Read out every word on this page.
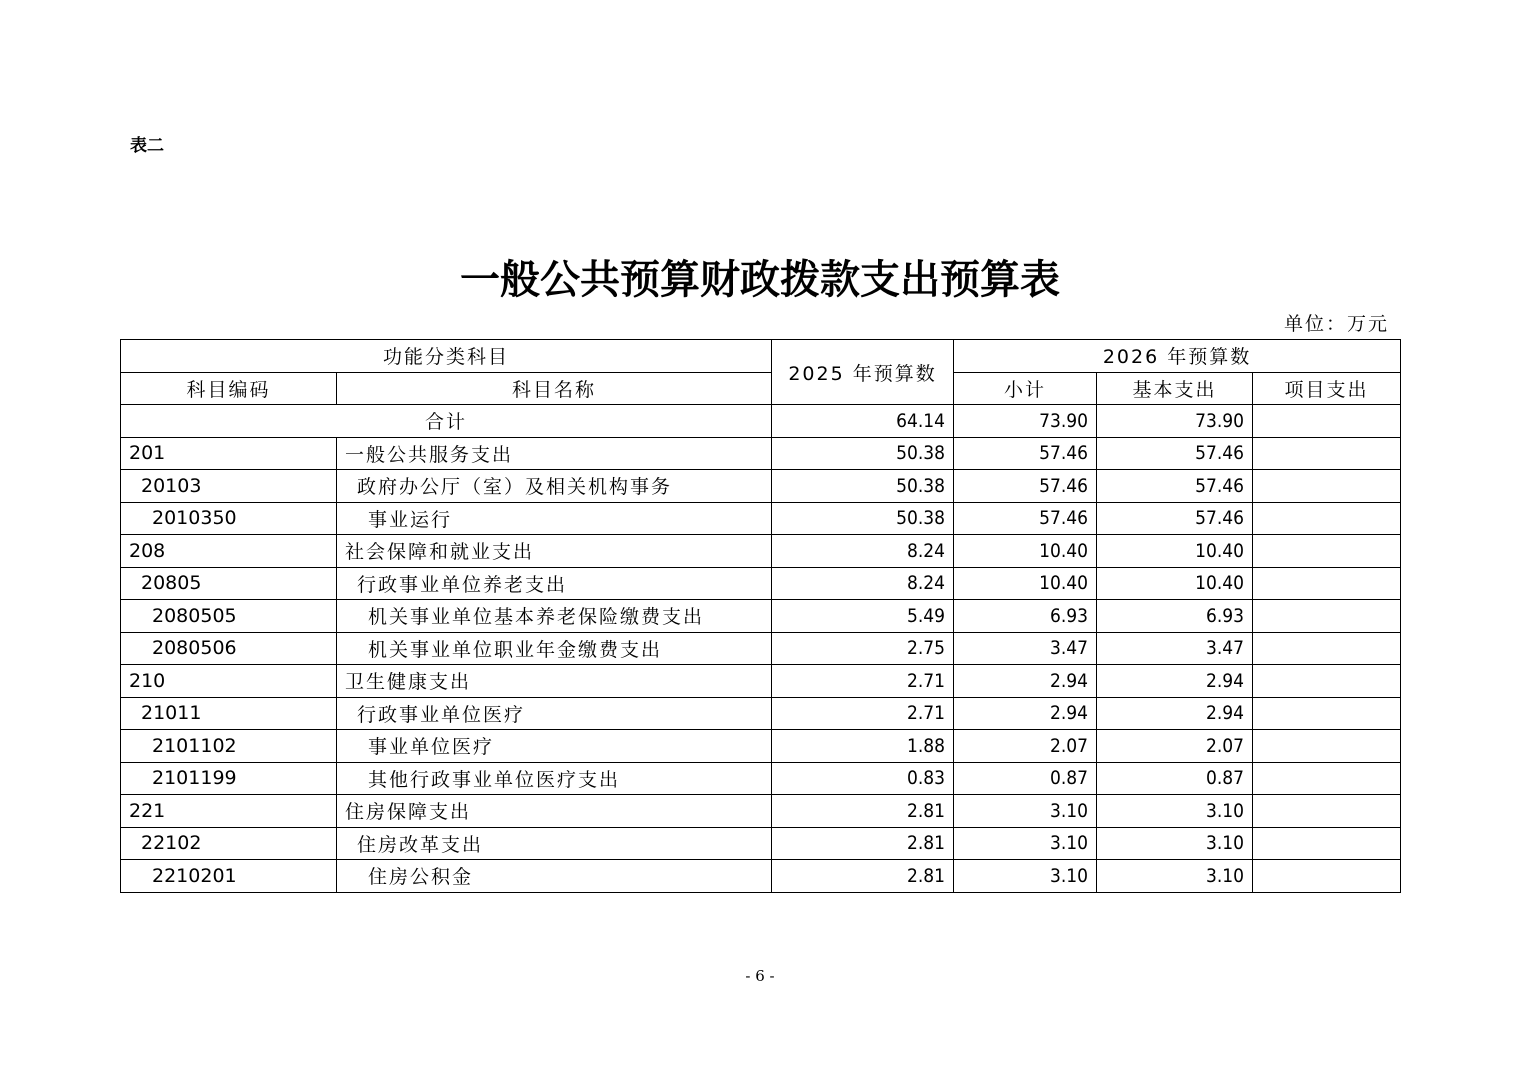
表二
一般公共预算财政拨款支出预算表
单位：万元
功能分类科目		2025 年预算数	2026 年预算数		
科目编码	科目名称		小计	基本支出	项目支出
合计		64.14	73.90	73.90	
201	一般公共服务支出	50.38	57.46	57.46	
20103	政府办公厅（室）及相关机构事务	50.38	57.46	57.46	
2010350	事业运行	50.38	57.46	57.46	
208	社会保障和就业支出	8.24	10.40	10.40	
20805	行政事业单位养老支出	8.24	10.40	10.40	
2080505	机关事业单位基本养老保险缴费支出	5.49	6.93	6.93	
2080506	机关事业单位职业年金缴费支出	2.75	3.47	3.47	
210	卫生健康支出	2.71	2.94	2.94	
21011	行政事业单位医疗	2.71	2.94	2.94	
2101102	事业单位医疗	1.88	2.07	2.07	
2101199	其他行政事业单位医疗支出	0.83	0.87	0.87	
221	住房保障支出	2.81	3.10	3.10	
22102	住房改革支出	2.81	3.10	3.10	
2210201	住房公积金	2.81	3.10	3.10	
- 6 -
